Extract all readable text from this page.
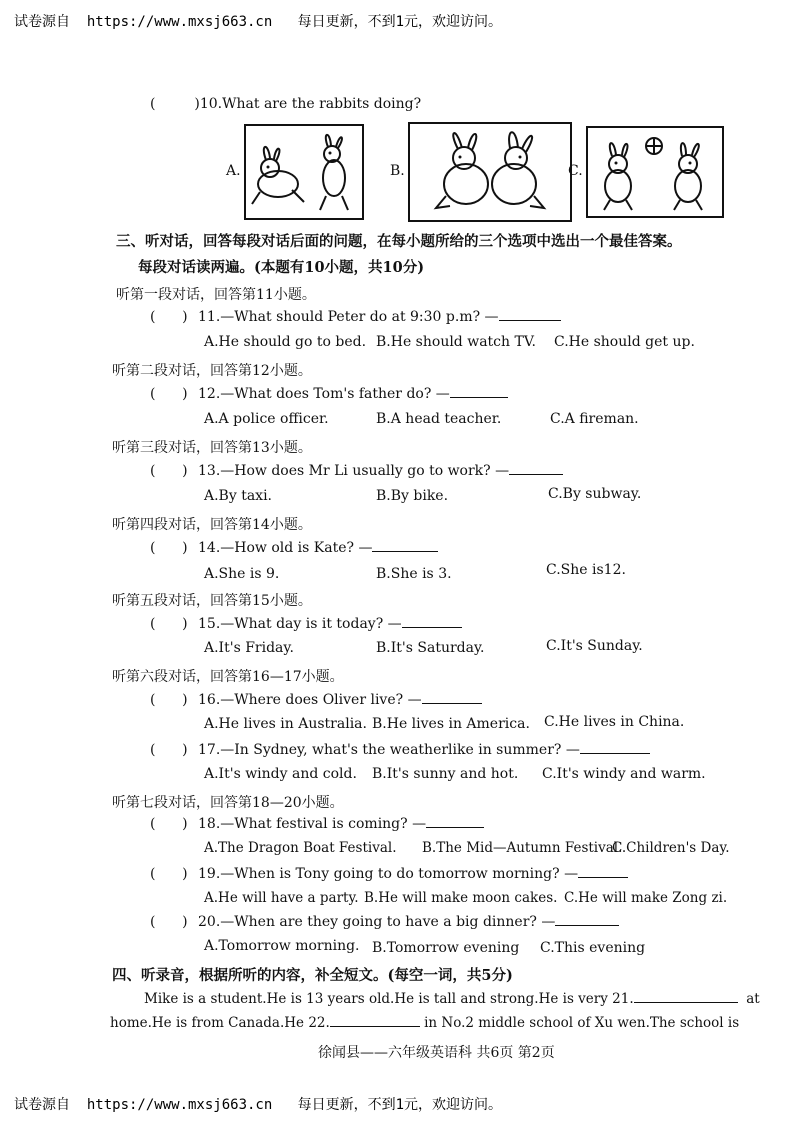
试卷源自 https://www.mxsj663.cn 每日更新，不到1元，欢迎访问。
(	)10.What are the rabbits doing?
A.	B.	C.
三、听对话，回答每段对话后面的问题，在每小题所给的三个选项中选出一个最佳答案。
每段对话读两遍。(本题有10小题，共10分)
听第一段对话，回答第11小题。
(      ) 11.—What should Peter do at 9:30 p.m? —
A.He should go to bed. B.He should watch TV. C.He should get up.
听第二段对话，回答第12小题。
(      ) 12.—What does Tom's father do? —
A.A police officer.	B.A head teacher.	C.A fireman.
听第三段对话，回答第13小题。
(      ) 13.—How does Mr Li usually go to work? —
A.By taxi.	B.By bike.	C.By subway.
听第四段对话，回答第14小题。
(      ) 14.—How old is Kate? —
A.She is 9.	B.She is 3.	C.She is12.
听第五段对话，回答第15小题。
(      ) 15.—What day is it today? —
A.It's Friday.	B.It's Saturday.	C.It's Sunday.
听第六段对话，回答第16—17小题。
(      ) 16.—Where does Oliver live? —
A.He lives in Australia. B.He lives in America. C.He lives in China.
(      ) 17.—In Sydney, what's the weatherlike in summer? —
A.It's windy and cold. B.It's sunny and hot. C.It's windy and warm.
听第七段对话，回答第18—20小题。
(      ) 18.—What festival is coming? —
A.The Dragon Boat Festival. B.The Mid—Autumn Festival.
C.Children's Day.
(      ) 19.—When is Tony going to do tomorrow morning? —
A.He will have a party. B.He will make moon cakes. C.He will make Zong zi.
(      ) 20.—When are they going to have a big dinner? —
A.Tomorrow morning. B.Tomorrow evening C.This evening
四、听录音，根据所听的内容，补全短文。(每空一词，共5分)
Mike is a student.He is 13 years old.He is tall and strong.He is very 21.	at
home.He is from Canada.He 22.	in No.2 middle school of Xu wen.The school is
徐闻县——六年级英语科 共6页 第2页
试卷源自 https://www.mxsj663.cn 每日更新，不到1元，欢迎访问。
